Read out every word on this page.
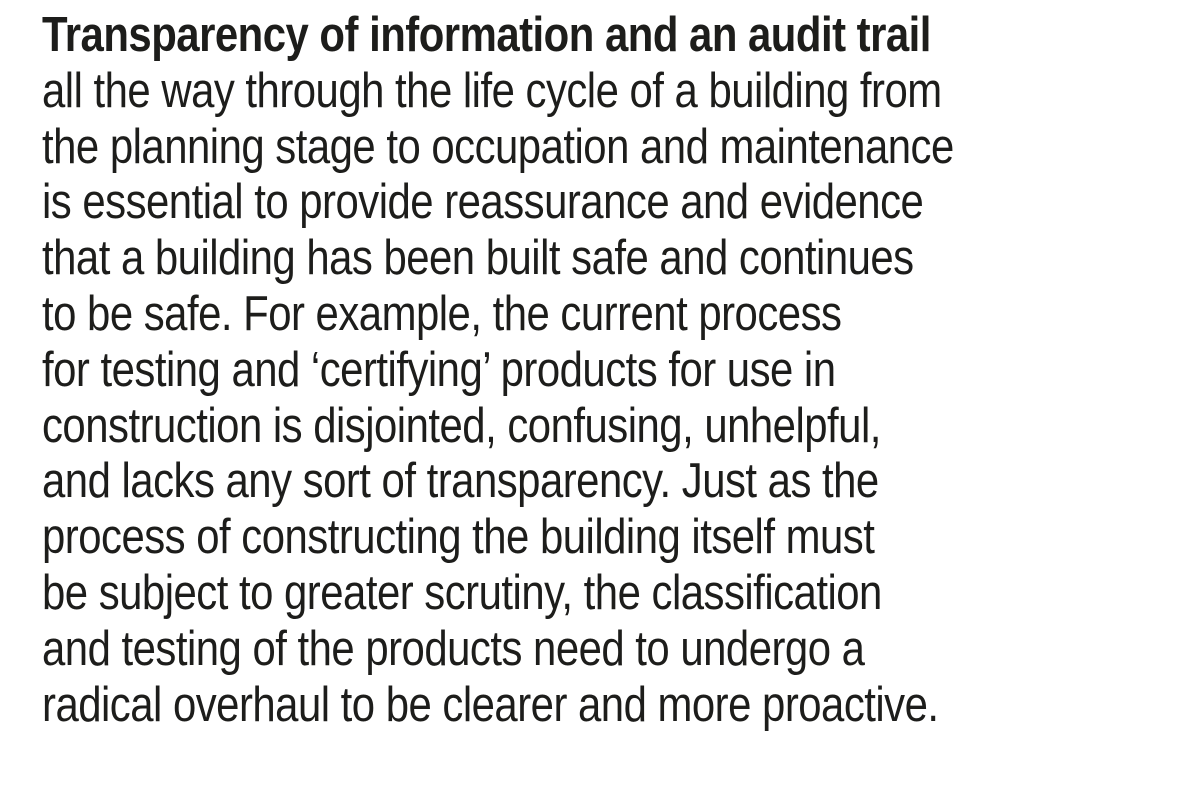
Transparency of information and an audit trail
all the way through the life cycle of a building from
the planning stage to occupation and maintenance
is essential to provide reassurance and evidence
that a building has been built safe and continues
to be safe. For example, the current process
for testing and ‘certifying’ products for use in
construction is disjointed, confusing, unhelpful,
and lacks any sort of transparency. Just as the
process of constructing the building itself must
be subject to greater scrutiny, the classification
and testing of the products need to undergo a
radical overhaul to be clearer and more proactive.
